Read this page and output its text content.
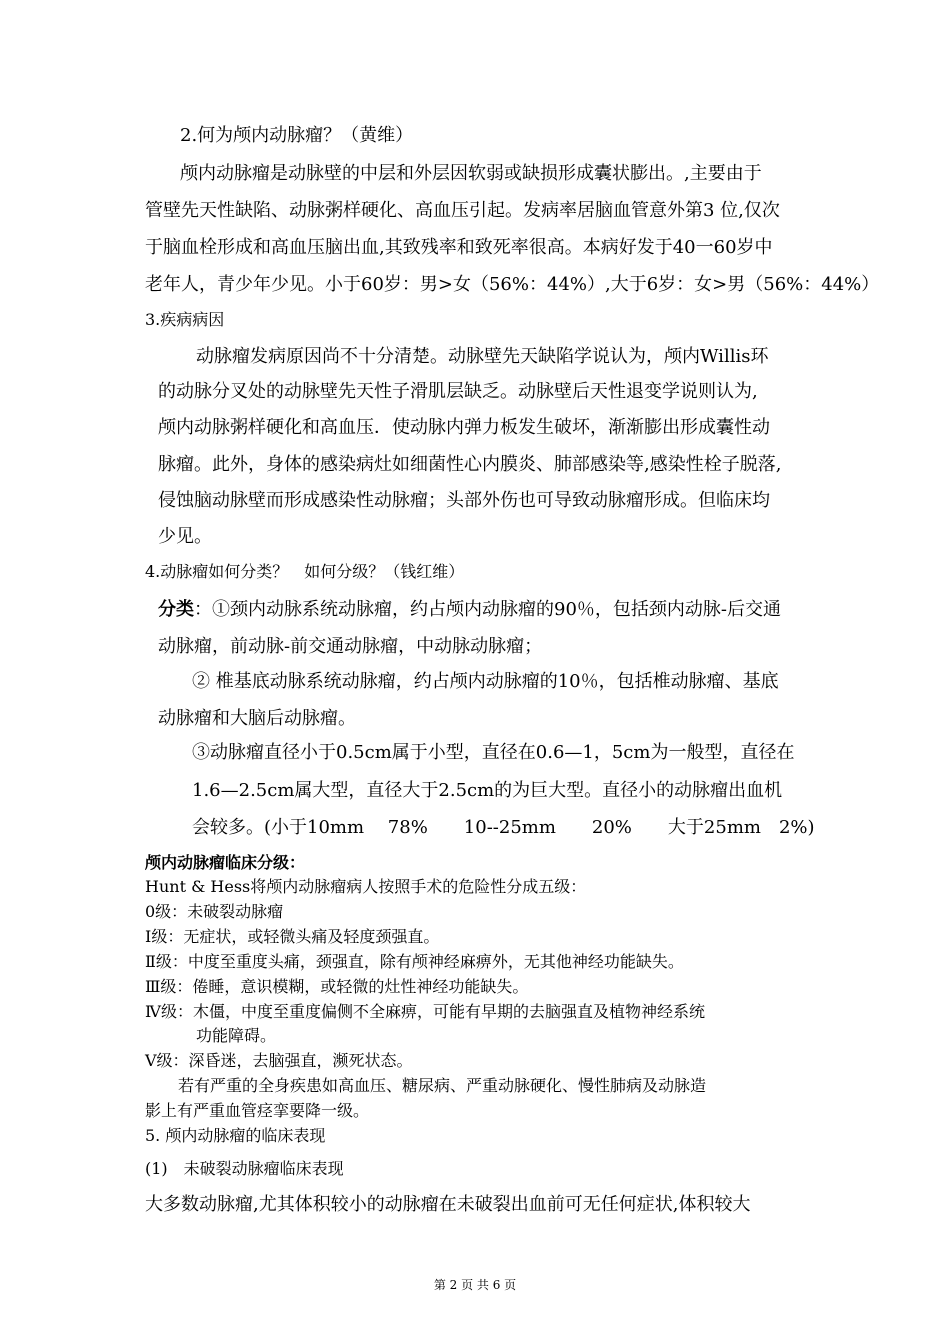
2.何为颅内动脉瘤？（黄维）
颅内动脉瘤是动脉壁的中层和外层因软弱或缺损形成囊状膨出。,主要由于
管壁先天性缺陷、动脉粥样硬化、高血压引起。发病率居脑血管意外第3 位,仅次
于脑血栓形成和高血压脑出血,其致残率和致死率很高。本病好发于40一60岁中
老年人，青少年少见。小于60岁：男>女（56%：44%）,大于6岁：女>男（56%：44%）
3.疾病病因
动脉瘤发病原因尚不十分清楚。动脉壁先天缺陷学说认为，颅内Willis环
的动脉分叉处的动脉壁先天性子滑肌层缺乏。动脉壁后天性退变学说则认为,
颅内动脉粥样硬化和高血压．使动脉内弹力板发生破坏，渐渐膨出形成囊性动
脉瘤。此外，身体的感染病灶如细菌性心内膜炎、肺部感染等,感染性栓子脱落,
侵蚀脑动脉壁而形成感染性动脉瘤；头部外伤也可导致动脉瘤形成。但临床均
少见。
4.动脉瘤如何分类？　如何分级？（钱红维）
分类：①颈内动脉系统动脉瘤，约占颅内动脉瘤的90％，包括颈内动脉-后交通
动脉瘤，前动脉-前交通动脉瘤，中动脉动脉瘤；
② 椎基底动脉系统动脉瘤，约占颅内动脉瘤的10％，包括椎动脉瘤、基底
动脉瘤和大脑后动脉瘤。
③动脉瘤直径小于0.5cm属于小型，直径在0.6—1，5cm为一般型，直径在
1.6—2.5cm属大型，直径大于2.5cm的为巨大型。直径小的动脉瘤出血机
会较多。(小于10mm　 78%　　10--25mm　　20%　　大于25mm　2%)
颅内动脉瘤临床分级：
Hunt & Hess将颅内动脉瘤病人按照手术的危险性分成五级：
0级：未破裂动脉瘤
Ⅰ级：无症状，或轻微头痛及轻度颈强直。
Ⅱ级：中度至重度头痛，颈强直，除有颅神经麻痹外，无其他神经功能缺失。
Ⅲ级：倦睡，意识模糊，或轻微的灶性神经功能缺失。
Ⅳ级：木僵，中度至重度偏侧不全麻痹，可能有早期的去脑强直及植物神经系统
功能障碍。
Ⅴ级：深昏迷，去脑强直，濒死状态。
若有严重的全身疾患如高血压、糖尿病、严重动脉硬化、慢性肺病及动脉造
影上有严重血管痉挛要降一级。
5. 颅内动脉瘤的临床表现
(1)　未破裂动脉瘤临床表现
大多数动脉瘤,尤其体积较小的动脉瘤在未破裂出血前可无任何症状,体积较大
第 2 页 共 6 页
